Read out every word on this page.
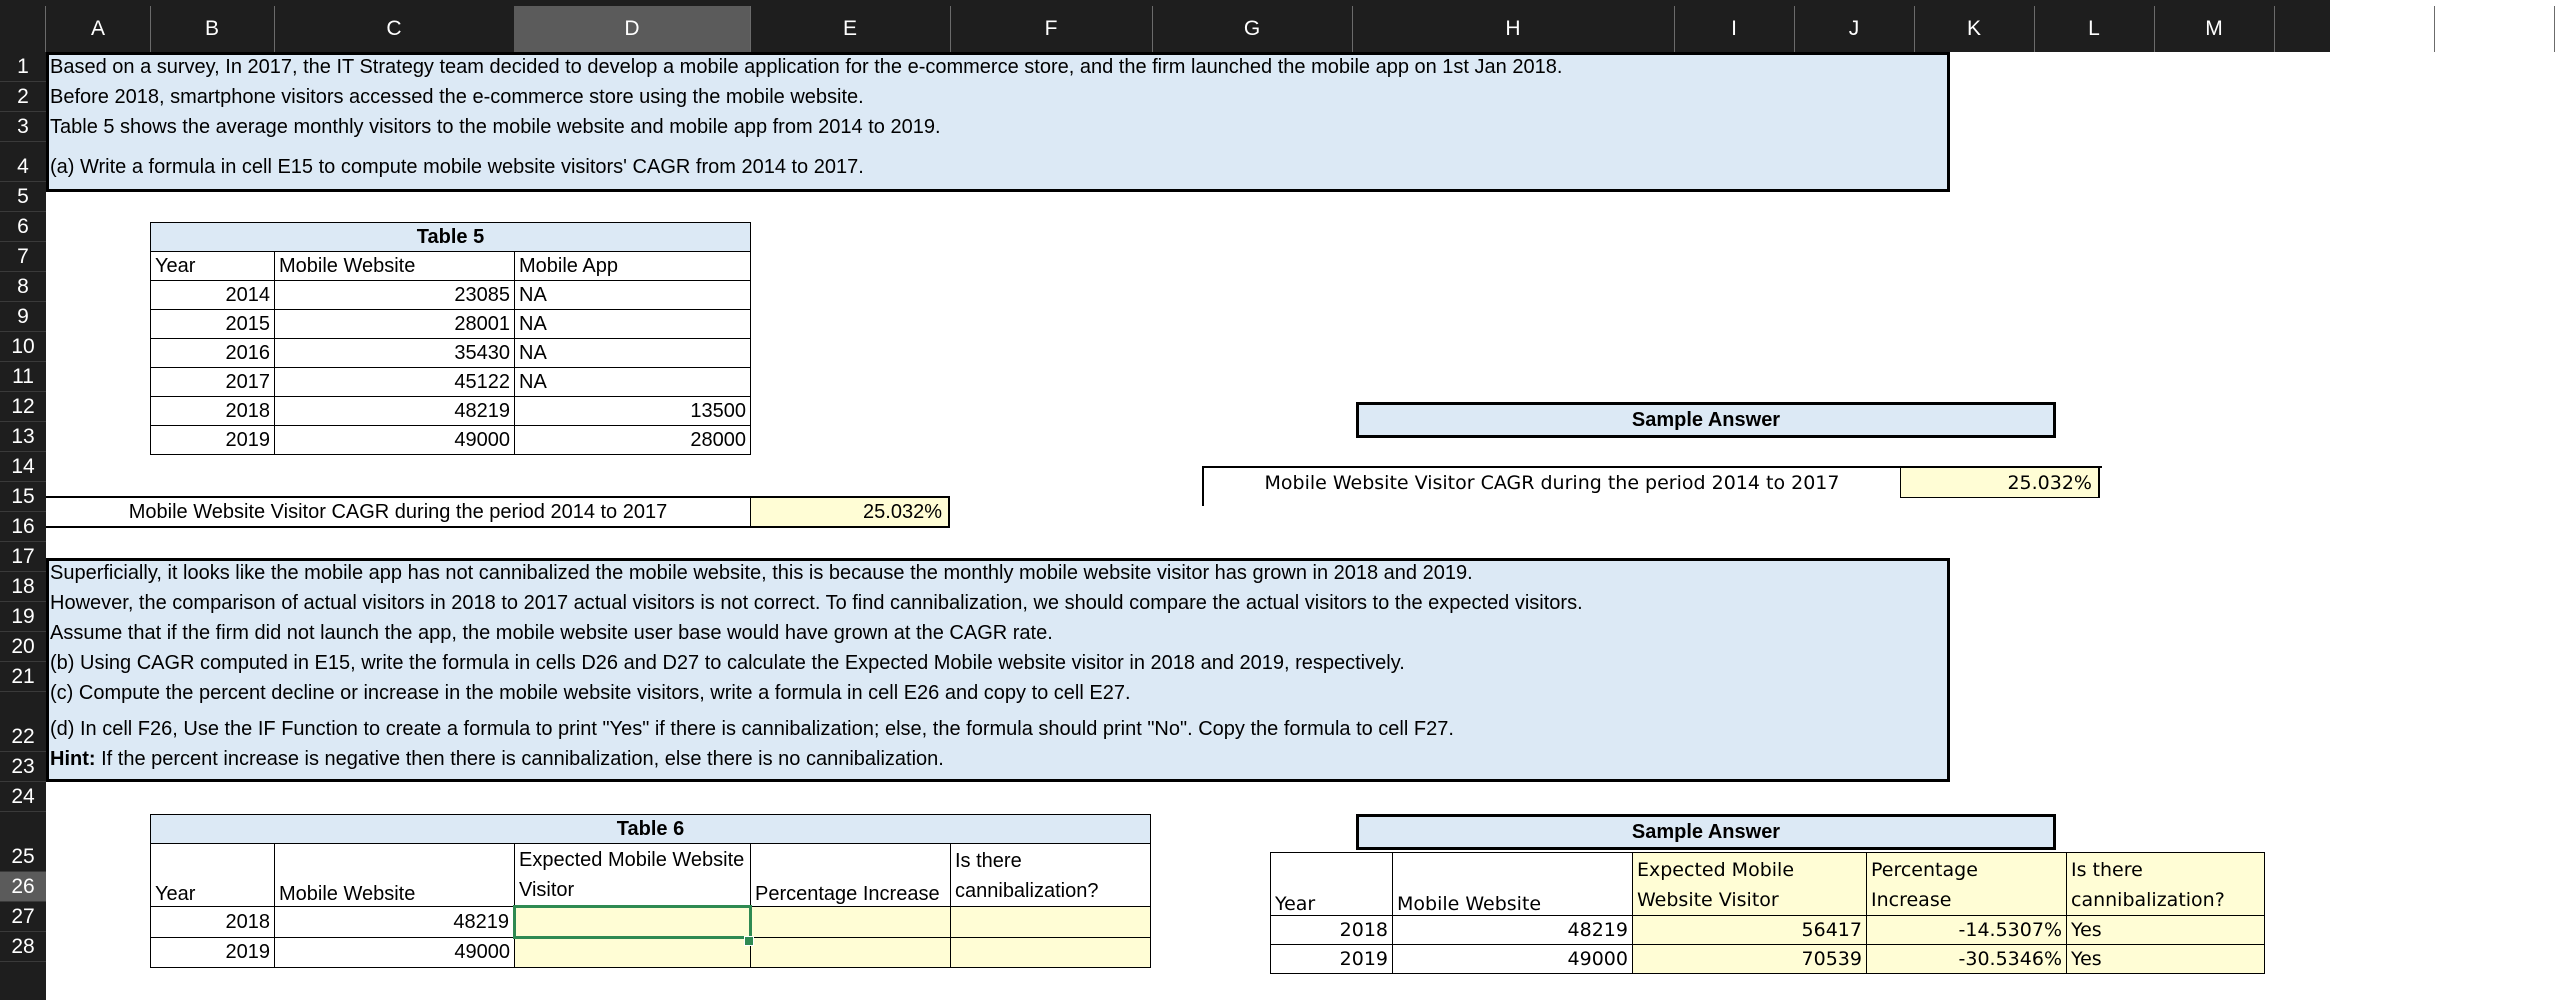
A	B	C	D	E	F	G	H	I	J	K	L	M	N	O
1
2
3
4
5
6
7
8
9
10
11
12
13
14
15
16
17
18
19
20
21
22
23
24
25
26
27
28
Based on a survey, In 2017, the IT Strategy team decided to develop a mobile application for the e-commerce store, and the firm launched the mobile app on 1st Jan 2018.
Before 2018, smartphone visitors accessed the e-commerce store using the mobile website.
Table 5 shows the average monthly visitors to the mobile website and mobile app from 2014 to 2019.
(a) Write a formula in cell E15 to compute mobile website visitors' CAGR from 2014 to 2017.
Table 5		
Year	Mobile Website	Mobile App
2014	23085	NA
2015	28001	NA
2016	35430	NA
2017	45122	NA
2018	48219	13500
2019	49000	28000
Mobile Website Visitor CAGR during the period 2014 to 2017	25.032%
Sample Answer
Mobile Website Visitor CAGR during the period 2014 to 2017	25.032%
Superficially, it looks like the mobile app has not cannibalized the mobile website, this is because the monthly mobile website visitor has grown in 2018 and 2019.
However, the comparison of actual visitors in 2018 to 2017 actual visitors is not correct. To find cannibalization, we should compare the actual visitors to the expected visitors.
Assume that if the firm did not launch the app, the mobile website user base would have grown at the CAGR rate.
(b) Using CAGR computed in E15, write the formula in cells D26 and D27 to calculate the Expected Mobile website visitor in 2018 and 2019, respectively.
(c) Compute the percent decline or increase in the mobile website visitors, write a formula in cell E26 and copy to cell E27.
(d) In cell F26, Use the IF Function to create a formula to print "Yes" if there is cannibalization; else, the formula should print "No". Copy the formula to cell F27.
Hint: If the percent increase is negative then there is cannibalization, else there is no cannibalization.
Table 6				
Year	Mobile Website	Expected Mobile Website Visitor	Percentage Increase	Is there cannibalization?
2018	48219			
2019	49000			
Sample Answer
Year	Mobile Website	Expected Mobile Website Visitor	Percentage Increase	Is there cannibalization?
2018	48219	56417	-14.5307%	Yes
2019	49000	70539	-30.5346%	Yes
